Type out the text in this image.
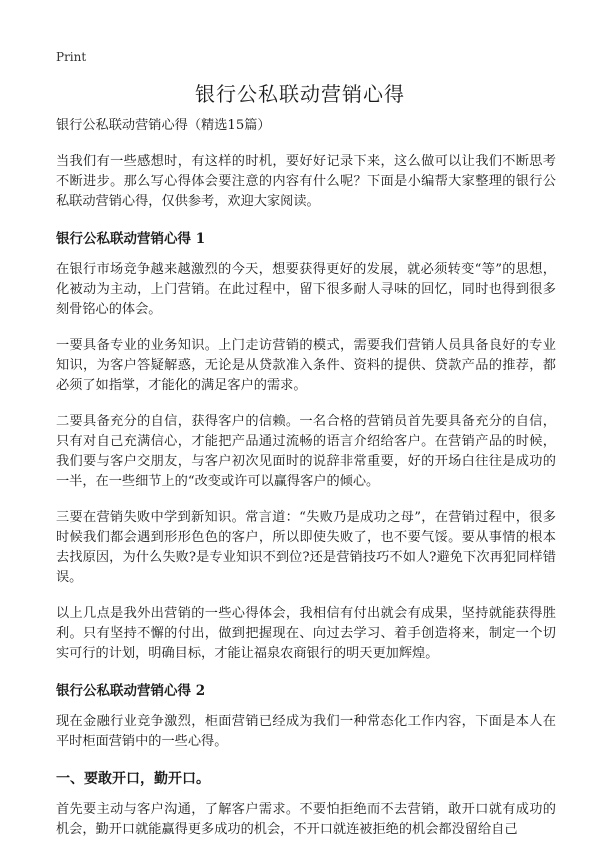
Print
银行公私联动营销心得

银行公私联动营销心得（精选15篇）

当我们有一些感想时，有这样的时机，要好好记录下来，这么做可以让我们不断思考不断进步。那么写心得体会要注意的内容有什么呢？下面是小编帮大家整理的银行公私联动营销心得，仅供参考，欢迎大家阅读。

银行公私联动营销心得 1

在银行市场竞争越来越激烈的今天，想要获得更好的发展，就必须转变“等”的思想，化被动为主动，上门营销。在此过程中，留下很多耐人寻味的回忆，同时也得到很多刻骨铭心的体会。

一要具备专业的业务知识。上门走访营销的模式，需要我们营销人员具备良好的专业知识，为客户答疑解惑，无论是从贷款准入条件、资料的提供、贷款产品的推荐，都必须了如指掌，才能化的满足客户的需求。

二要具备充分的自信，获得客户的信赖。一名合格的营销员首先要具备充分的自信，只有对自己充满信心，才能把产品通过流畅的语言介绍给客户。在营销产品的时候，我们要与客户交朋友，与客户初次见面时的说辞非常重要，好的开场白往往是成功的一半，在一些细节上的“改变或许可以赢得客户的倾心。

三要在营销失败中学到新知识。常言道：“失败乃是成功之母”，在营销过程中，很多时候我们都会遇到形形色色的客户，所以即使失败了，也不要气馁。要从事情的根本去找原因，为什么失败?是专业知识不到位?还是营销技巧不如人?避免下次再犯同样错误。

以上几点是我外出营销的一些心得体会，我相信有付出就会有成果，坚持就能获得胜利。只有坚持不懈的付出，做到把握现在、向过去学习、着手创造将来，制定一个切实可行的计划，明确目标，才能让福泉农商银行的明天更加辉煌。

银行公私联动营销心得 2

现在金融行业竞争激烈，柜面营销已经成为我们一种常态化工作内容，下面是本人在平时柜面营销中的一些心得。

一、要敢开口，勤开口。

首先要主动与客户沟通，了解客户需求。不要怕拒绝而不去营销，敢开口就有成功的机会，勤开口就能赢得更多成功的机会，不开口就连被拒绝的机会都没留给自己
